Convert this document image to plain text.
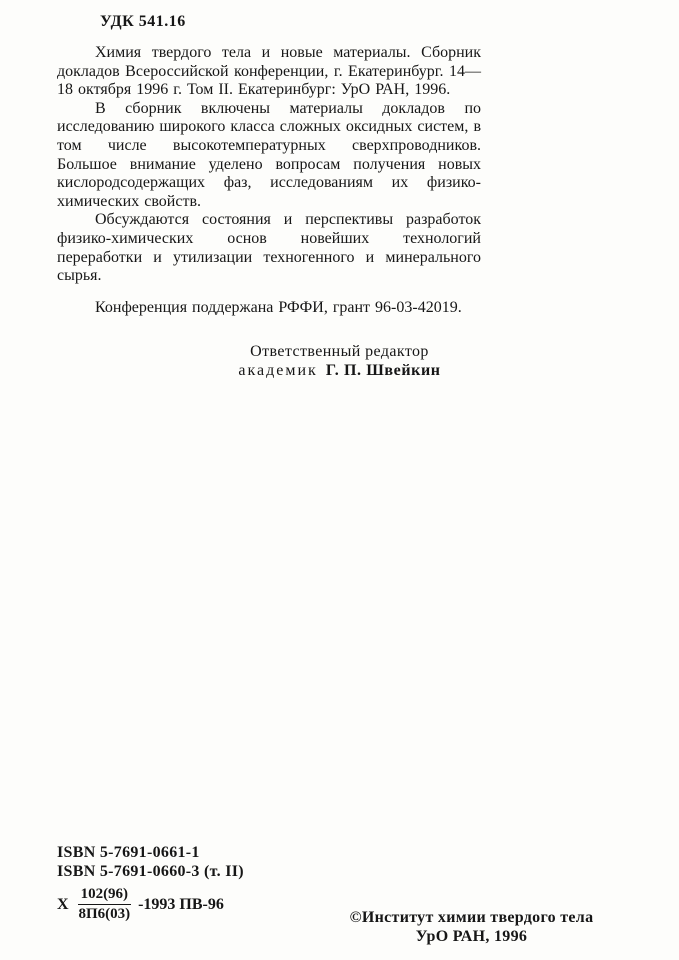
УДК 541.16

Химия твердого тела и новые материалы. Сборник докладов Всероссийской конференции, г. Екатеринбург. 14—18 октября 1996 г. Том II. Екатеринбург: УрО РАН, 1996.

В сборник включены материалы докладов по исследованию широкого класса сложных оксидных систем, в том числе высокотемпературных сверхпроводников. Большое внимание уделено вопросам получения новых кислородсодержащих фаз, исследованиям их физико-химических свойств.

Обсуждаются состояния и перспективы разработок физико-химических основ новейших технологий переработки и утилизации техногенного и минерального сырья.

Конференция поддержана РФФИ, грант 96-03-42019.

Ответственный редактор
академик Г. П. Швейкин
ISBN 5-7691-0661-1
ISBN 5-7691-0660-3 (т. II)
Х $\frac{102(96)}{8П6(03)} -1993$ ПВ-96
©Институт химии твердого тела
УрО РАН, 1996
